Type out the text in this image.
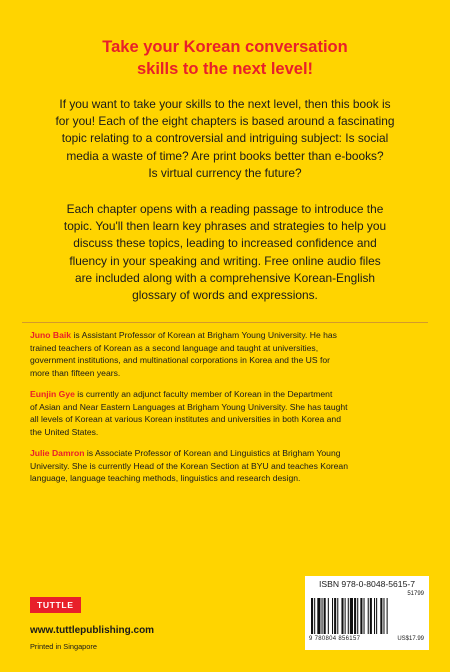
Take your Korean conversation
skills to the next level!
If you want to take your skills to the next level, then this book is
for you! Each of the eight chapters is based around a fascinating
topic relating to a controversial and intriguing subject: Is social
media a waste of time? Are print books better than e-books?
Is virtual currency the future?
Each chapter opens with a reading passage to introduce the
topic. You'll then learn key phrases and strategies to help you
discuss these topics, leading to increased confidence and
fluency in your speaking and writing. Free online audio files
are included along with a comprehensive Korean-English
glossary of words and expressions.
Juno Baik is Assistant Professor of Korean at Brigham Young University. He has
trained teachers of Korean as a second language and taught at universities,
government institutions, and multinational corporations in Korea and the US for
more than fifteen years.
Eunjin Gye is currently an adjunct faculty member of Korean in the Department
of Asian and Near Eastern Languages at Brigham Young University. She has taught
all levels of Korean at various Korean institutes and universities in both Korea and
the United States.
Julie Damron is Associate Professor of Korean and Linguistics at Brigham Young
University. She is currently Head of the Korean Section at BYU and teaches Korean
language, language teaching methods, linguistics and research design.
TUTTLE
www.tuttlepublishing.com
Printed in Singapore
ISBN 978-0-8048-5615-7
51799
9 780804 856157	US$17.99
